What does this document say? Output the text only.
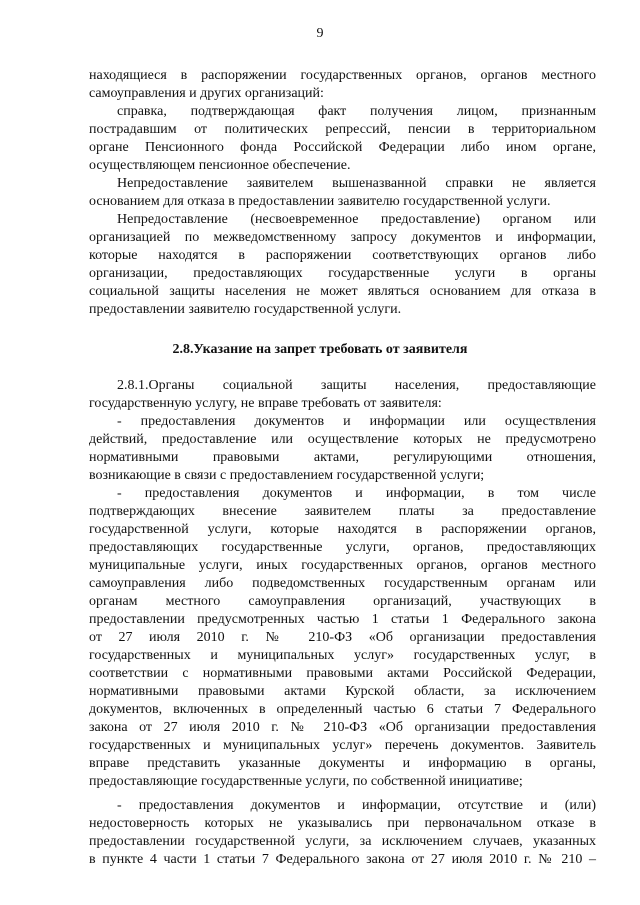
9
находящиеся в распоряжении государственных органов, органов местного
самоуправления и других организаций:
справка, подтверждающая факт получения лицом, признанным
пострадавшим от политических репрессий, пенсии в территориальном
органе Пенсионного фонда Российской Федерации либо ином органе,
осуществляющем пенсионное обеспечение.
Непредоставление заявителем вышеназванной справки не является
основанием для отказа в предоставлении заявителю государственной услуги.
Непредоставление (несвоевременное предоставление) органом или
организацией по межведомственному запросу документов и информации,
которые находятся в распоряжении соответствующих органов либо
организации, предоставляющих государственные услуги в органы
социальной защиты населения не может являться основанием для отказа в
предоставлении заявителю государственной услуги.
2.8.Указание на запрет требовать от заявителя
2.8.1.Органы социальной защиты населения, предоставляющие
государственную услугу, не вправе требовать от заявителя:
- предоставления документов и информации или осуществления
действий, предоставление или осуществление которых не предусмотрено
нормативными правовыми актами, регулирующими отношения,
возникающие в связи с предоставлением государственной услуги;
- предоставления документов и информации, в том числе
подтверждающих внесение заявителем платы за предоставление
государственной услуги, которые находятся в распоряжении органов,
предоставляющих государственные услуги, органов, предоставляющих
муниципальные услуги, иных государственных органов, органов местного
самоуправления либо подведомственных государственным органам или
органам местного самоуправления организаций, участвующих в
предоставлении предусмотренных частью 1 статьи 1 Федерального закона
от 27 июля 2010 г. № 210-ФЗ «Об организации предоставления
государственных и муниципальных услуг» государственных услуг, в
соответствии с нормативными правовыми актами Российской Федерации,
нормативными правовыми актами Курской области, за исключением
документов, включенных в определенный частью 6 статьи 7 Федерального
закона от 27 июля 2010 г. № 210-ФЗ «Об организации предоставления
государственных и муниципальных услуг» перечень документов. Заявитель
вправе представить указанные документы и информацию в органы,
предоставляющие государственные услуги, по собственной инициативе;
- предоставления документов и информации, отсутствие и (или)
недостоверность которых не указывались при первоначальном отказе в
предоставлении государственной услуги, за исключением случаев, указанных
в пункте 4 части 1 статьи 7 Федерального закона от 27 июля 2010 г. № 210 –
